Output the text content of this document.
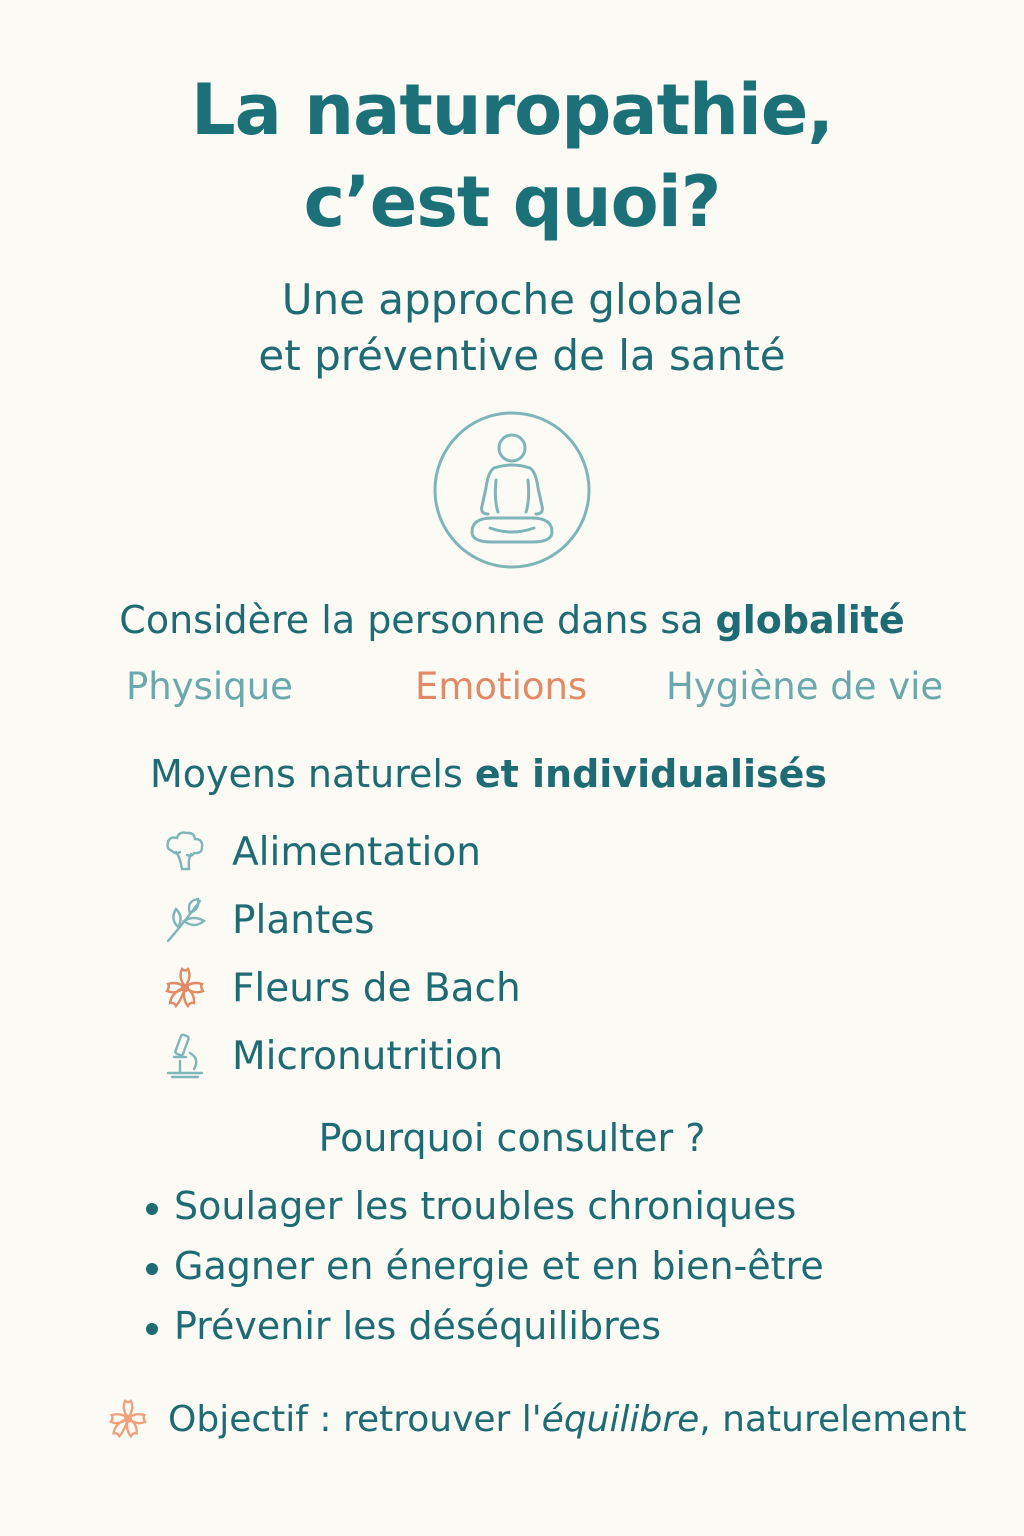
La naturopathie,
c’est quoi?
Une approche globale
et préventive de la santé
Considère la personne dans sa globalité
Physique	Emotions Hygiène de vie
Moyens naturels et individualisés
Alimentation
Plantes
Fleurs de Bach
Micronutrition
Pourquoi consulter ?
Soulager les troubles chroniques
Gagner en énergie et en bien-être
Prévenir les déséquilibres
Objectif : retrouver l'équilibre, naturelement
